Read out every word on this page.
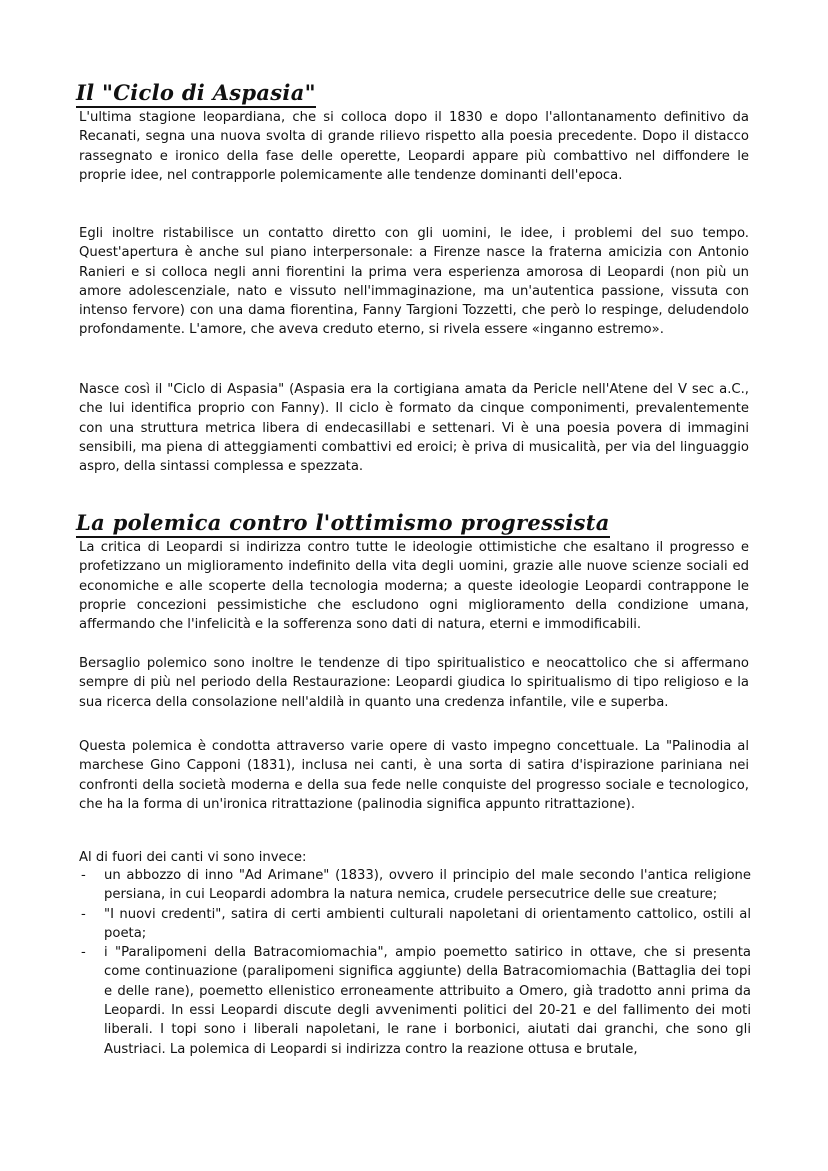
Il "Ciclo di Aspasia"

L'ultima stagione leopardiana, che si colloca dopo il 1830 e dopo l'allontanamento definitivo da Recanati, segna una nuova svolta di grande rilievo rispetto alla poesia precedente. Dopo il distacco rassegnato e ironico della fase delle operette, Leopardi appare più combattivo nel diffondere le proprie idee, nel contrapporle polemicamente alle tendenze dominanti dell'epoca.

Egli inoltre ristabilisce un contatto diretto con gli uomini, le idee, i problemi del suo tempo. Quest'apertura è anche sul piano interpersonale: a Firenze nasce la fraterna amicizia con Antonio Ranieri e si colloca negli anni fiorentini la prima vera esperienza amorosa di Leopardi (non più un amore adolescenziale, nato e vissuto nell'immaginazione, ma un'autentica passione, vissuta con intenso fervore) con una dama fiorentina, Fanny Targioni Tozzetti, che però lo respinge, deludendolo profondamente. L'amore, che aveva creduto eterno, si rivela essere «inganno estremo».

Nasce così il "Ciclo di Aspasia" (Aspasia era la cortigiana amata da Pericle nell'Atene del V sec a.C., che lui identifica proprio con Fanny). Il ciclo è formato da cinque componimenti, prevalentemente con una struttura metrica libera di endecasillabi e settenari. Vi è una poesia povera di immagini sensibili, ma piena di atteggiamenti combattivi ed eroici; è priva di musicalità, per via del linguaggio aspro, della sintassi complessa e spezzata.

La polemica contro l'ottimismo progressista

La critica di Leopardi si indirizza contro tutte le ideologie ottimistiche che esaltano il progresso e profetizzano un miglioramento indefinito della vita degli uomini, grazie alle nuove scienze sociali ed economiche e alle scoperte della tecnologia moderna; a queste ideologie Leopardi contrappone le proprie concezioni pessimistiche che escludono ogni miglioramento della condizione umana, affermando che l'infelicità e la sofferenza sono dati di natura, eterni e immodificabili.

Bersaglio polemico sono inoltre le tendenze di tipo spiritualistico e neocattolico che si affermano sempre di più nel periodo della Restaurazione: Leopardi giudica lo spiritualismo di tipo religioso e la sua ricerca della consolazione nell'aldilà in quanto una credenza infantile, vile e superba.

Questa polemica è condotta attraverso varie opere di vasto impegno concettuale. La "Palinodia al marchese Gino Capponi (1831), inclusa nei canti, è una sorta di satira d'ispirazione pariniana nei confronti della società moderna e della sua fede nelle conquiste del progresso sociale e tecnologico, che ha la forma di un'ironica ritrattazione (palinodia significa appunto ritrattazione).

Al di fuori dei canti vi sono invece:

- un abbozzo di inno "Ad Arimane" (1833), ovvero il principio del male secondo l'antica religione persiana, in cui Leopardi adombra la natura nemica, crudele persecutrice delle sue creature;
- "I nuovi credenti", satira di certi ambienti culturali napoletani di orientamento cattolico, ostili al poeta;
- i "Paralipomeni della Batracomiomachia", ampio poemetto satirico in ottave, che si presenta come continuazione (paralipomeni significa aggiunte) della Batracomiomachia (Battaglia dei topi e delle rane), poemetto ellenistico erroneamente attribuito a Omero, già tradotto anni prima da Leopardi. In essi Leopardi discute degli avvenimenti politici del 20-21 e del fallimento dei moti liberali. I topi sono i liberali napoletani, le rane i borbonici, aiutati dai granchi, che sono gli Austriaci. La polemica di Leopardi si indirizza contro la reazione ottusa e brutale,
